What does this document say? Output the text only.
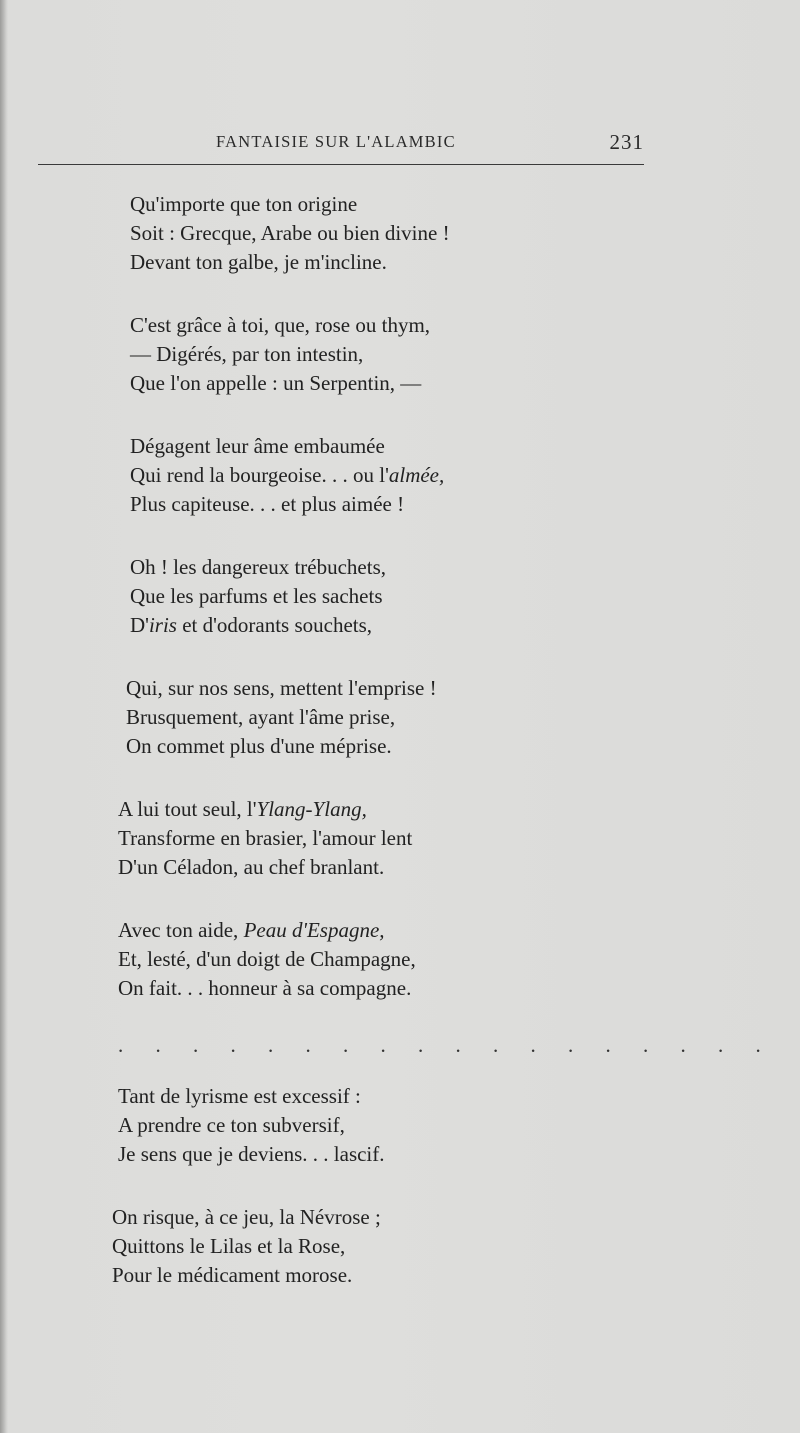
FANTAISIE SUR L'ALAMBIC	231
Qu'importe que ton origine
Soit : Grecque, Arabe ou bien divine !
Devant ton galbe, je m'incline.
C'est grâce à toi, que, rose ou thym,
— Digérés, par ton intestin,
Que l'on appelle : un Serpentin, —
Dégagent leur âme embaumée
Qui rend la bourgeoise. . . ou l'almée,
Plus capiteuse. . . et plus aimée !
Oh ! les dangereux trébuchets,
Que les parfums et les sachets
D'iris et d'odorants souchets,
Qui, sur nos sens, mettent l'emprise !
Brusquement, ayant l'âme prise,
On commet plus d'une méprise.
A lui tout seul, l'Ylang-Ylang,
Transforme en brasier, l'amour lent
D'un Céladon, au chef branlant.
Avec ton aide, Peau d'Espagne,
Et, lesté, d'un doigt de Champagne,
On fait. . . honneur à sa compagne.
. . . . . . . . . . . . . . . . . .
Tant de lyrisme est excessif :
A prendre ce ton subversif,
Je sens que je deviens. . . lascif.
On risque, à ce jeu, la Névrose ;
Quittons le Lilas et la Rose,
Pour le médicament morose.
